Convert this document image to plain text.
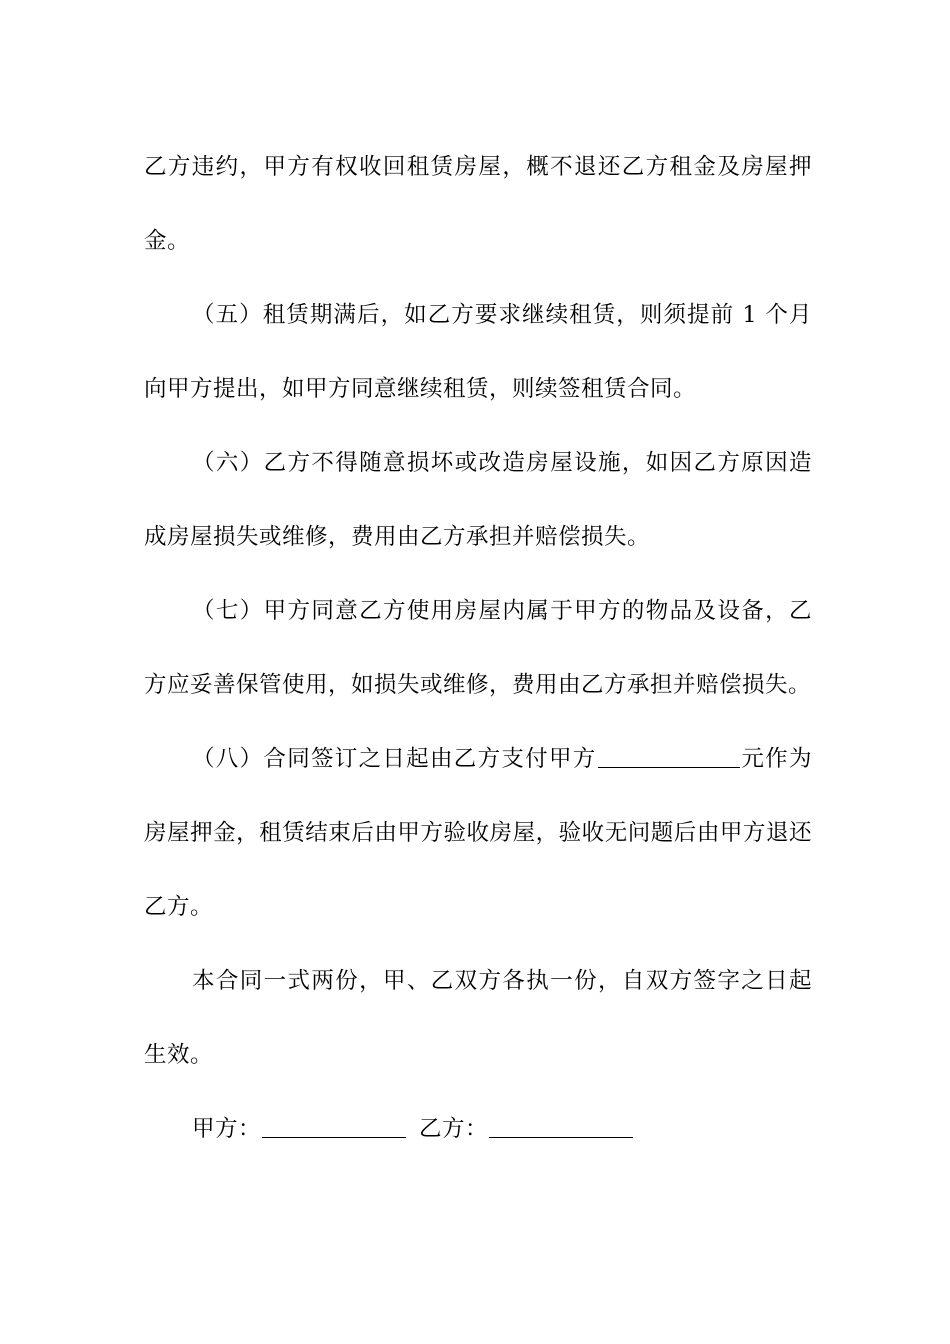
乙方违约，甲方有权收回租赁房屋，概不退还乙方租金及房屋押金。

（五）租赁期满后，如乙方要求继续租赁，则须提前 1 个月向甲方提出，如甲方同意继续租赁，则续签租赁合同。

（六）乙方不得随意损坏或改造房屋设施，如因乙方原因造成房屋损失或维修，费用由乙方承担并赔偿损失。

（七）甲方同意乙方使用房屋内属于甲方的物品及设备，乙方应妥善保管使用，如损失或维修，费用由乙方承担并赔偿损失。

（八）合同签订之日起由乙方支付甲方	元作为房屋押金，租赁结束后由甲方验收房屋，验收无问题后由甲方退还乙方。

本合同一式两份，甲、乙双方各执一份，自双方签字之日起生效。

甲方：	乙方：
